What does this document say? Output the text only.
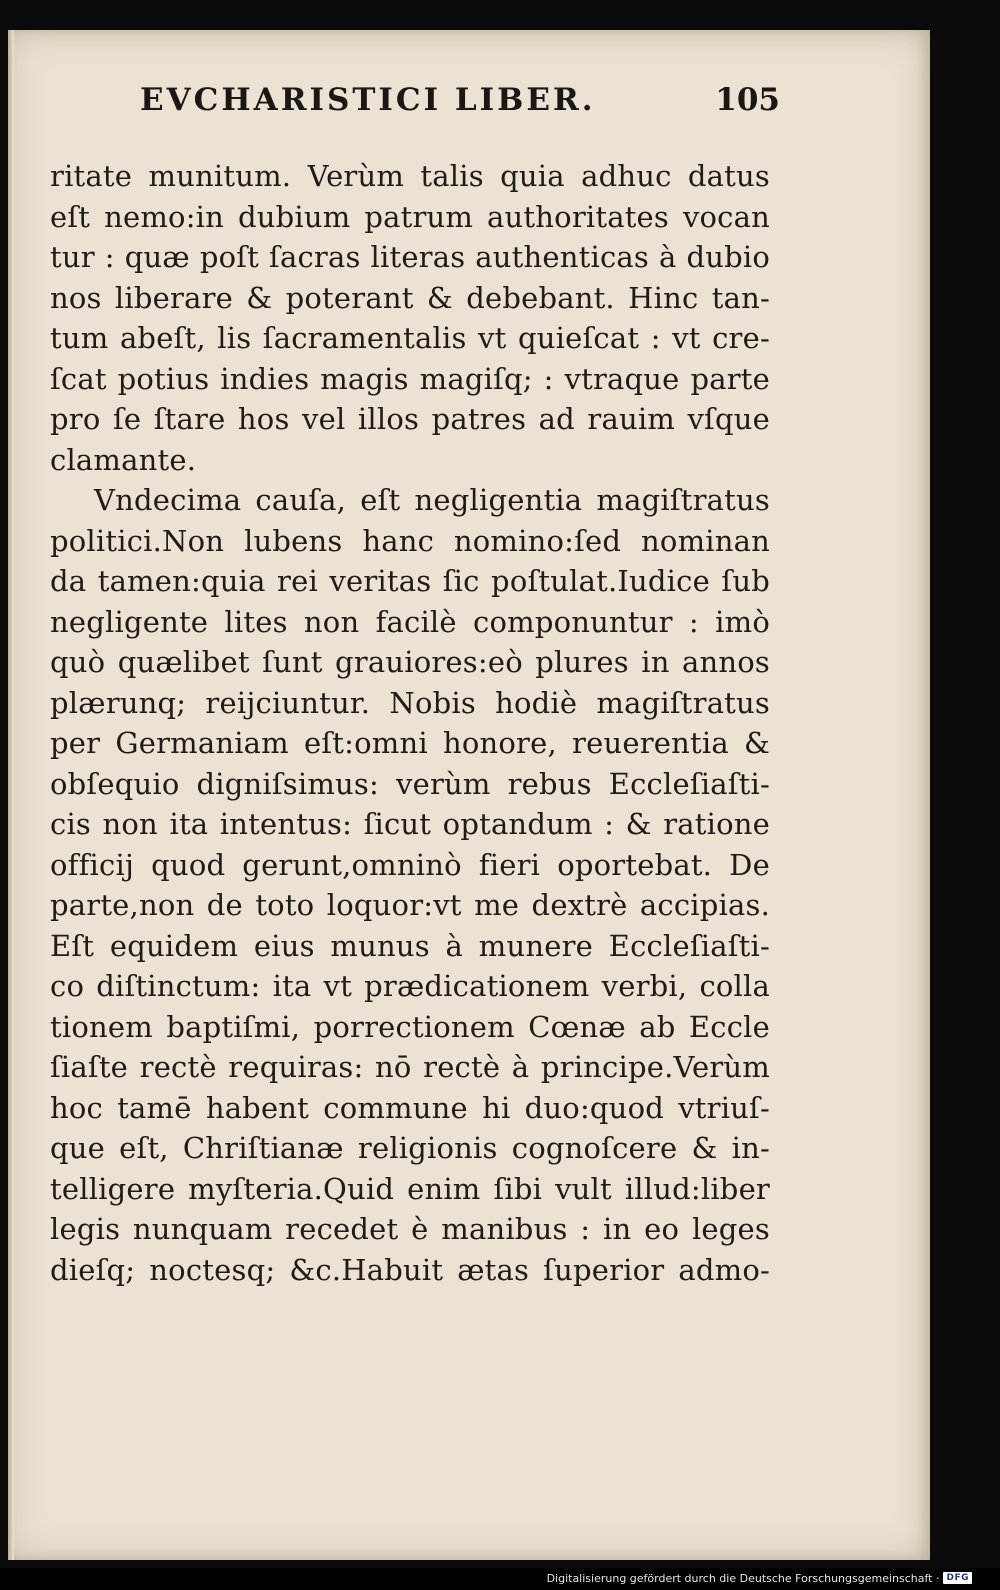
EVCHARISTICI LIBER.	105
ritate munitum. Verùm talis quia adhuc datus
eſt nemo:in dubium patrum authoritates vocan
tur : quæ poſt ſacras literas authenticas à dubio
nos liberare & poterant & debebant. Hinc tan-
tum abeſt, lis ſacramentalis vt quieſcat : vt cre-
ſcat potius indies magis magiſq; : vtraque parte
pro ſe ſtare hos vel illos patres ad rauim vſque
clamante.
Vndecima cauſa, eſt negligentia magiſtratus
politici.Non lubens hanc nomino:ſed nominan
da tamen:quia rei veritas ſic poſtulat.Iudice ſub
negligente lites non facilè componuntur : imò
quò quælibet ſunt grauiores:eò plures in annos
plærunq; reijciuntur. Nobis hodiè magiſtratus
per Germaniam eſt:omni honore, reuerentia &
obſequio digniſsimus: verùm rebus Eccleſiaſti-
cis non ita intentus: ſicut optandum : & ratione
officij quod gerunt,omninò fieri oportebat. De
parte,non de toto loquor:vt me dextrè accipias.
Eſt equidem eius munus à munere Eccleſiaſti-
co diſtinctum: ita vt prædicationem verbi, colla
tionem baptiſmi, porrectionem Cœnæ ab Eccle
ſiaſte rectè requiras: nō rectè à principe.Verùm
hoc tamē habent commune hi duo:quod vtriuſ-
que eſt, Chriſtianæ religionis cognoſcere & in-
telligere myſteria.Quid enim ſibi vult illud:liber
legis nunquam recedet è manibus : in eo leges
dieſq; noctesq; &c.Habuit ætas ſuperior admo-
Digitalisierung gefördert durch die Deutsche Forschungsgemeinschaft · DFG
